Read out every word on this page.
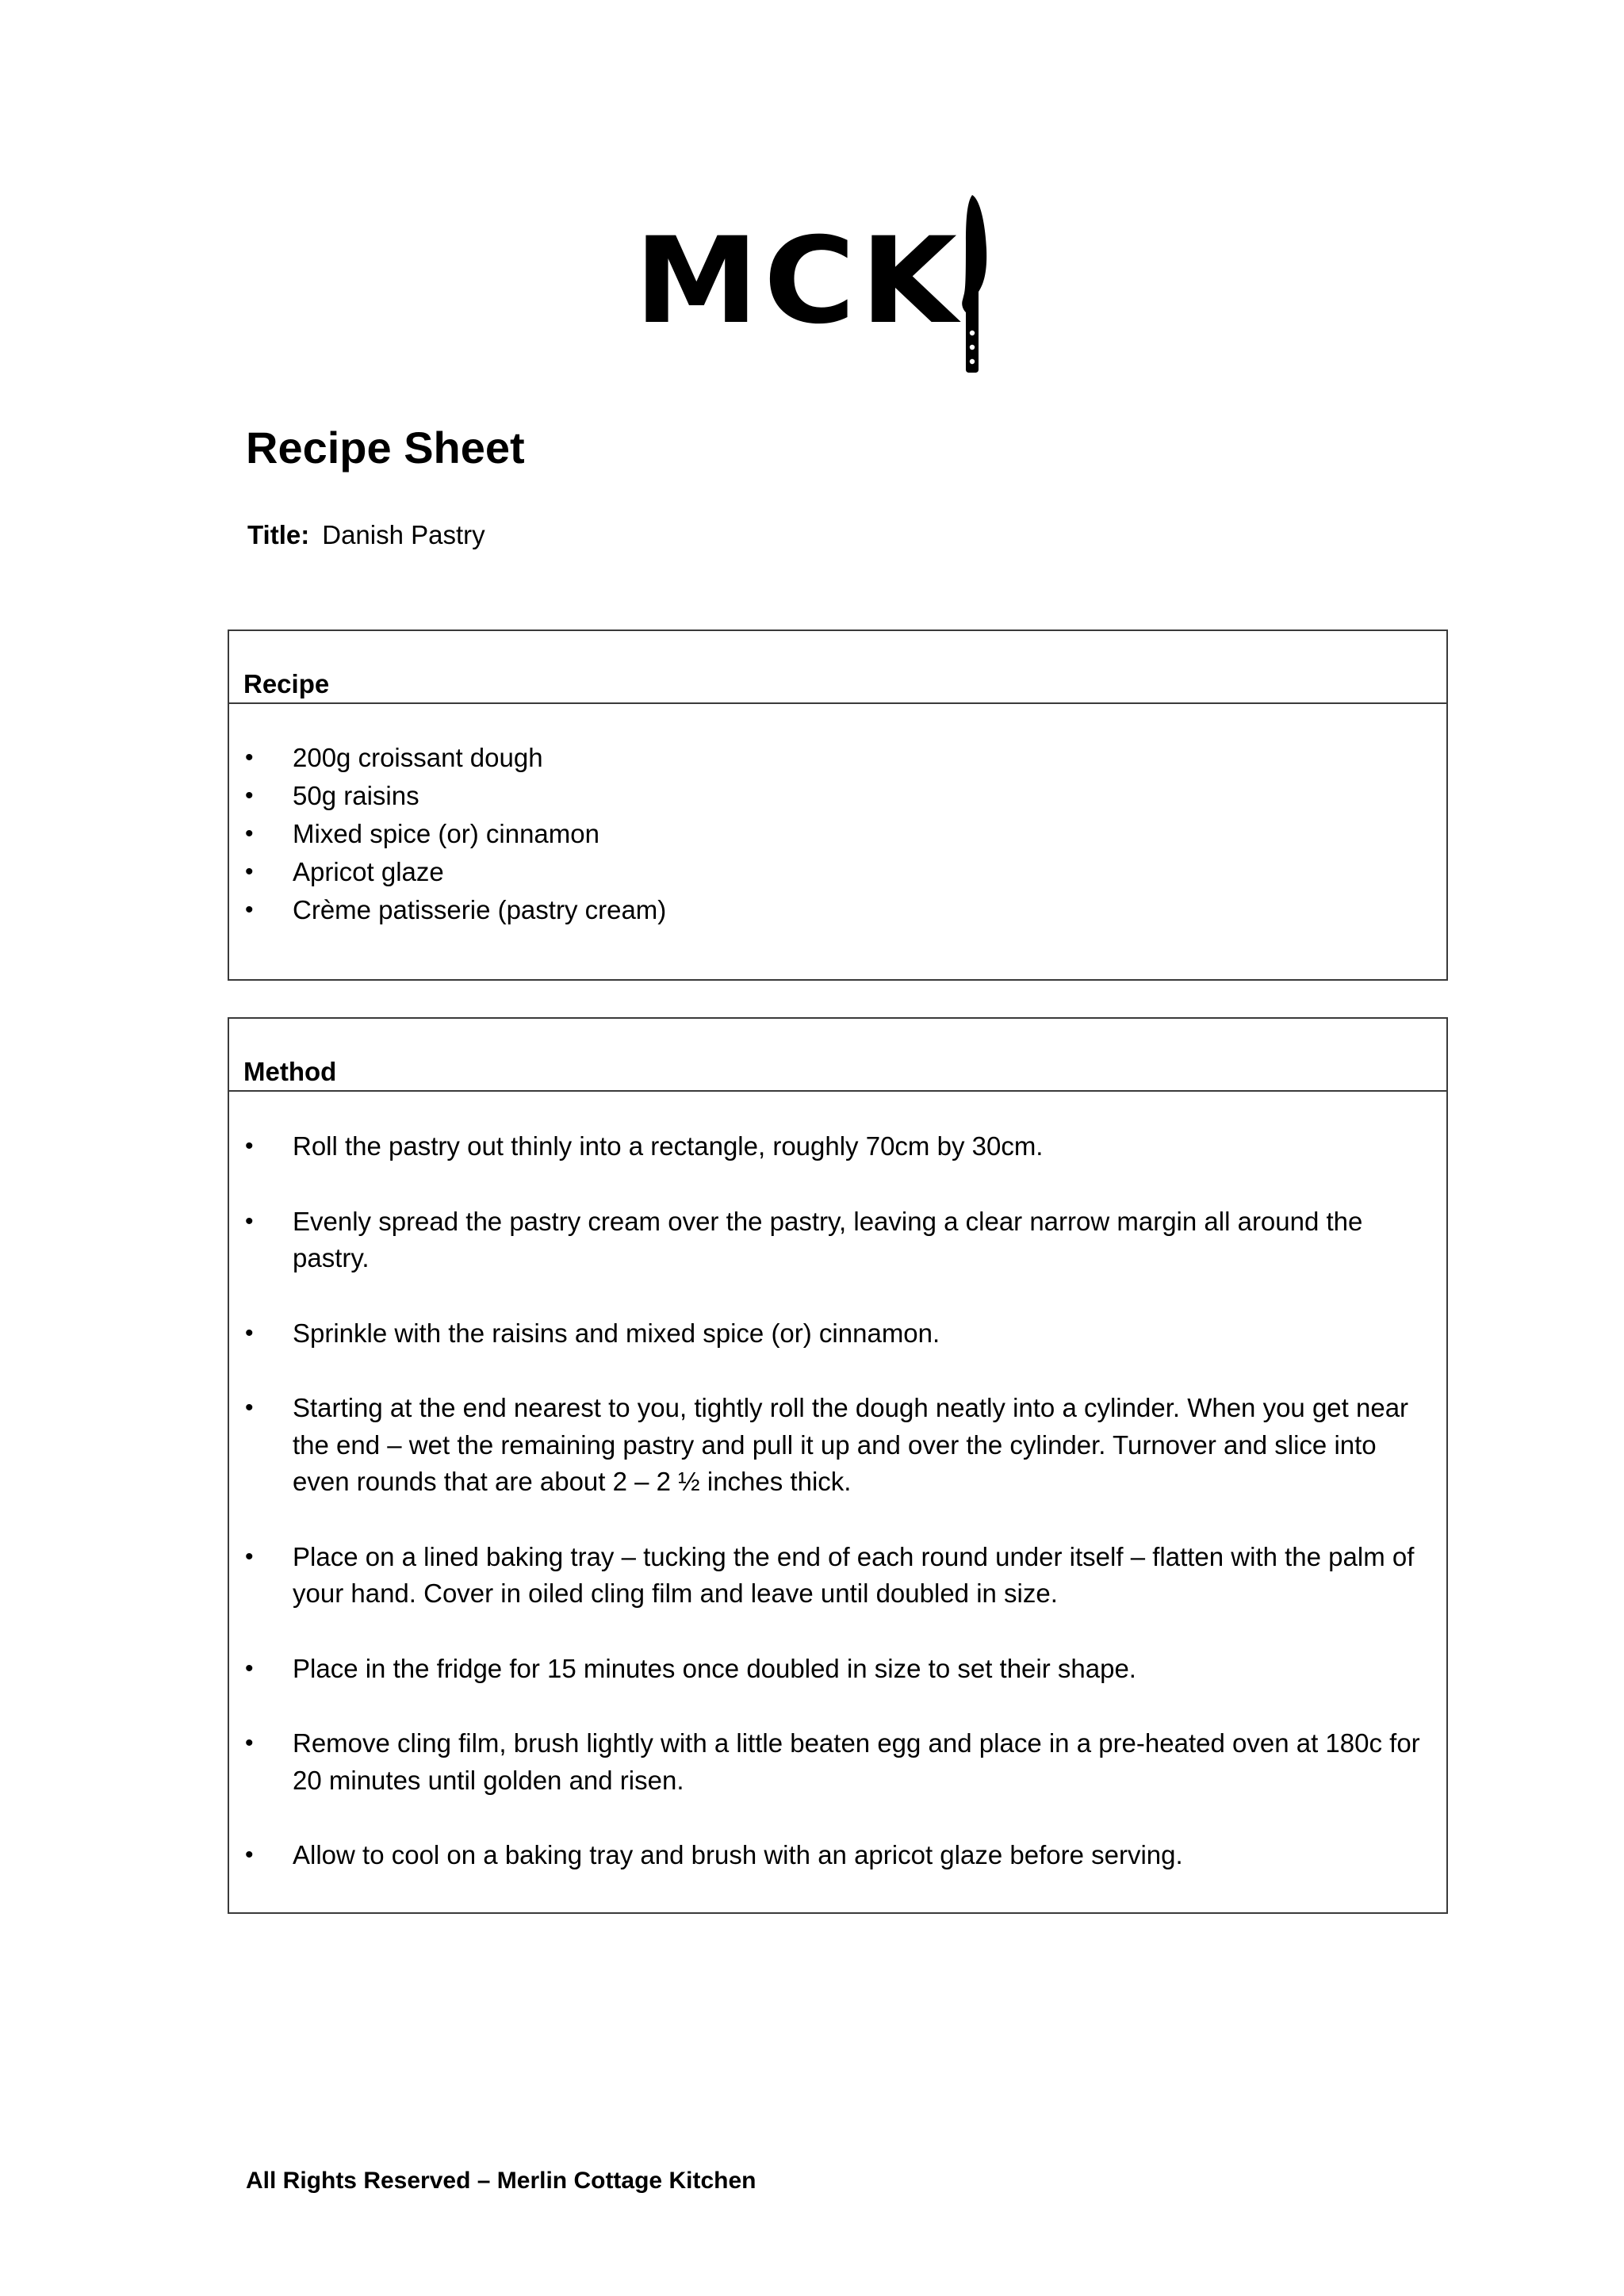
MCK
Recipe Sheet
Title: Danish Pastry
Recipe
• 200g croissant dough
• 50g raisins
• Mixed spice (or) cinnamon
• Apricot glaze
• Crème patisserie (pastry cream)
Method
• Roll the pastry out thinly into a rectangle, roughly 70cm by 30cm.
• Evenly spread the pastry cream over the pastry, leaving a clear narrow margin all around the pastry.
• Sprinkle with the raisins and mixed spice (or) cinnamon.
• Starting at the end nearest to you, tightly roll the dough neatly into a cylinder. When you get near the end – wet the remaining pastry and pull it up and over the cylinder. Turnover and slice into even rounds that are about 2 – 2 ½ inches thick.
• Place on a lined baking tray – tucking the end of each round under itself – flatten with the palm of your hand. Cover in oiled cling film and leave until doubled in size.
• Place in the fridge for 15 minutes once doubled in size to set their shape.
• Remove cling film, brush lightly with a little beaten egg and place in a pre-heated oven at 180c for 20 minutes until golden and risen.
• Allow to cool on a baking tray and brush with an apricot glaze before serving.
All Rights Reserved – Merlin Cottage Kitchen
